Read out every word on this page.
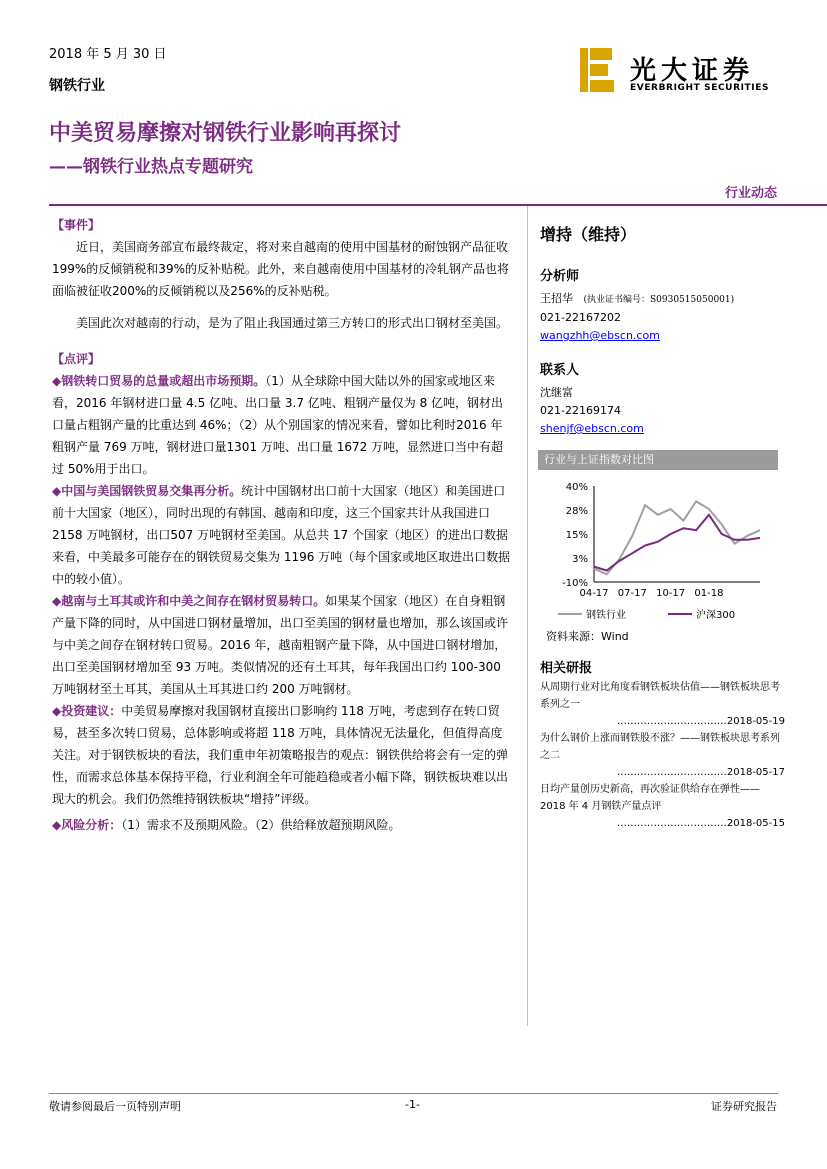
2018 年 5 月 30 日
钢铁行业	光大证券
EVERBRIGHT SECURITIES
中美贸易摩擦对钢铁行业影响再探讨
——钢铁行业热点专题研究
行业动态

【事件】

近日，美国商务部宣布最终裁定，将对来自越南的使用中国基材的耐蚀钢产品征收199%的反倾销税和39%的反补贴税。此外，来自越南使用中国基材的冷轧钢产品也将面临被征收200%的反倾销税以及256%的反补贴税。

美国此次对越南的行动，是为了阻止我国通过第三方转口的形式出口钢材至美国。

【点评】

◆钢铁转口贸易的总量或超出市场预期。（1）从全球除中国大陆以外的国家或地区来看，2016 年钢材进口量 4.5 亿吨、出口量 3.7 亿吨、粗钢产量仅为 8 亿吨，钢材出口量占粗钢产量的比重达到 46%；（2）从个别国家的情况来看，譬如比利时2016 年粗钢产量 769 万吨，钢材进口量1301 万吨、出口量 1672 万吨，显然进口当中有超过 50%用于出口。

◆中国与美国钢铁贸易交集再分析。统计中国钢材出口前十大国家（地区）和美国进口前十大国家（地区），同时出现的有韩国、越南和印度，这三个国家共计从我国进口2158 万吨钢材，出口507 万吨钢材至美国。从总共 17 个国家（地区）的进出口数据来看，中美最多可能存在的钢铁贸易交集为 1196 万吨（每个国家或地区取进出口数据中的较小值）。

◆越南与土耳其或许和中美之间存在钢材贸易转口。如果某个国家（地区）在自身粗钢产量下降的同时，从中国进口钢材量增加，出口至美国的钢材量也增加，那么该国或许与中美之间存在钢材转口贸易。2016 年，越南粗钢产量下降，从中国进口钢材增加，出口至美国钢材增加至 93 万吨。类似情况的还有土耳其，每年我国出口约 100-300 万吨钢材至土耳其，美国从土耳其进口约 200 万吨钢材。

◆投资建议：中美贸易摩擦对我国钢材直接出口影响约 118 万吨，考虑到存在转口贸易，甚至多次转口贸易，总体影响或将超 118 万吨，具体情况无法量化，但值得高度关注。对于钢铁板块的看法，我们重申年初策略报告的观点：钢铁供给将会有一定的弹性，而需求总体基本保持平稳，行业利润全年可能趋稳或者小幅下降，钢铁板块难以出现大的机会。我们仍然维持钢铁板块“增持”评级。

◆风险分析：（1）需求不及预期风险。（2）供给释放超预期风险。

增持（维持）

分析师

王招华 (执业证书编号：S0930515050001)

021-22167202

wangzhh@ebscn.com

联系人

沈继富

021-22169174

shenjf@ebscn.com

行业与上证指数对比图
40%
28%
15%
3%
-10%
04-17 07-17 10-17 01-18
钢铁行业	沪深300
资料来源：Wind

相关研报

从周期行业对比角度看钢铁板块估值——钢铁板块思考系列之一

……………………………2018-05-19

为什么钢价上涨而钢铁股不涨？——钢铁板块思考系列之二

……………………………2018-05-17

日均产量创历史新高，再次验证供给存在弹性——2018 年 4 月钢铁产量点评

……………………………2018-05-15

敬请参阅最后一页特别声明	-1-	证券研究报告
